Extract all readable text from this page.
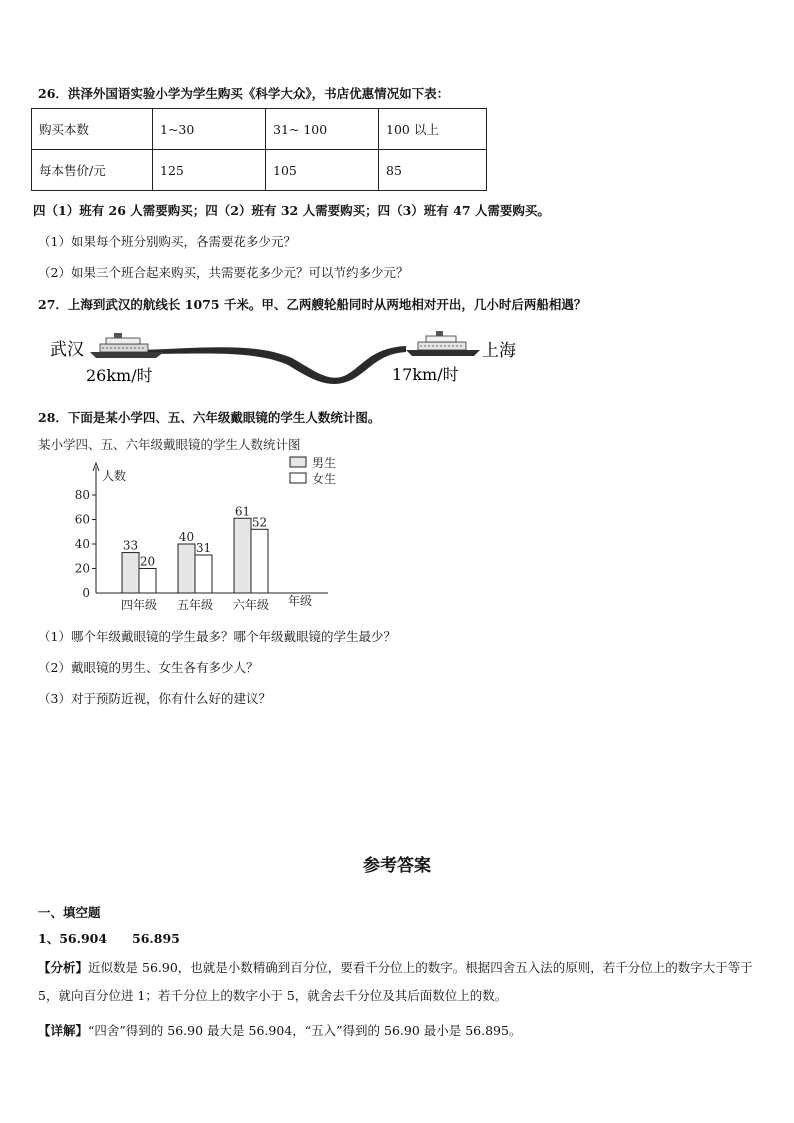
26．洪泽外国语实验小学为学生购买《科学大众》，书店优惠情况如下表：
购买本数	1~30	31~ 100	100 以上
每本售价/元	125	105	85
四（1）班有 26 人需要购买；四（2）班有 32 人需要购买；四（3）班有 47 人需要购买。
（1）如果每个班分别购买，各需要花多少元？
（2）如果三个班合起来购买，共需要花多少元？可以节约多少元？
27．上海到武汉的航线长 1075 千米。甲、乙两艘轮船同时从两地相对开出，几小时后两船相遇？
武汉	上海
26km/时	17km/时
28．下面是某小学四、五、六年级戴眼镜的学生人数统计图。
某小学四、五、六年级戴眼镜的学生人数统计图
人数
年级
0
20
40
60
80
33
20
四年级
40
31
五年级
61
52
六年级
男生
女生
（1）哪个年级戴眼镜的学生最多？哪个年级戴眼镜的学生最少？
（2）戴眼镜的男生、女生各有多少人？
（3）对于预防近视，你有什么好的建议？
参考答案
一、填空题
1、56.904　　56.895
【分析】近似数是 56.90，也就是小数精确到百分位，要看千分位上的数字。根据四舍五入法的原则，若千分位上的数字大于等于 5，就向百分位进 1；若千分位上的数字小于 5，就舍去千分位及其后面数位上的数。
【详解】“四舍”得到的 56.90 最大是 56.904，“五入”得到的 56.90 最小是 56.895。
